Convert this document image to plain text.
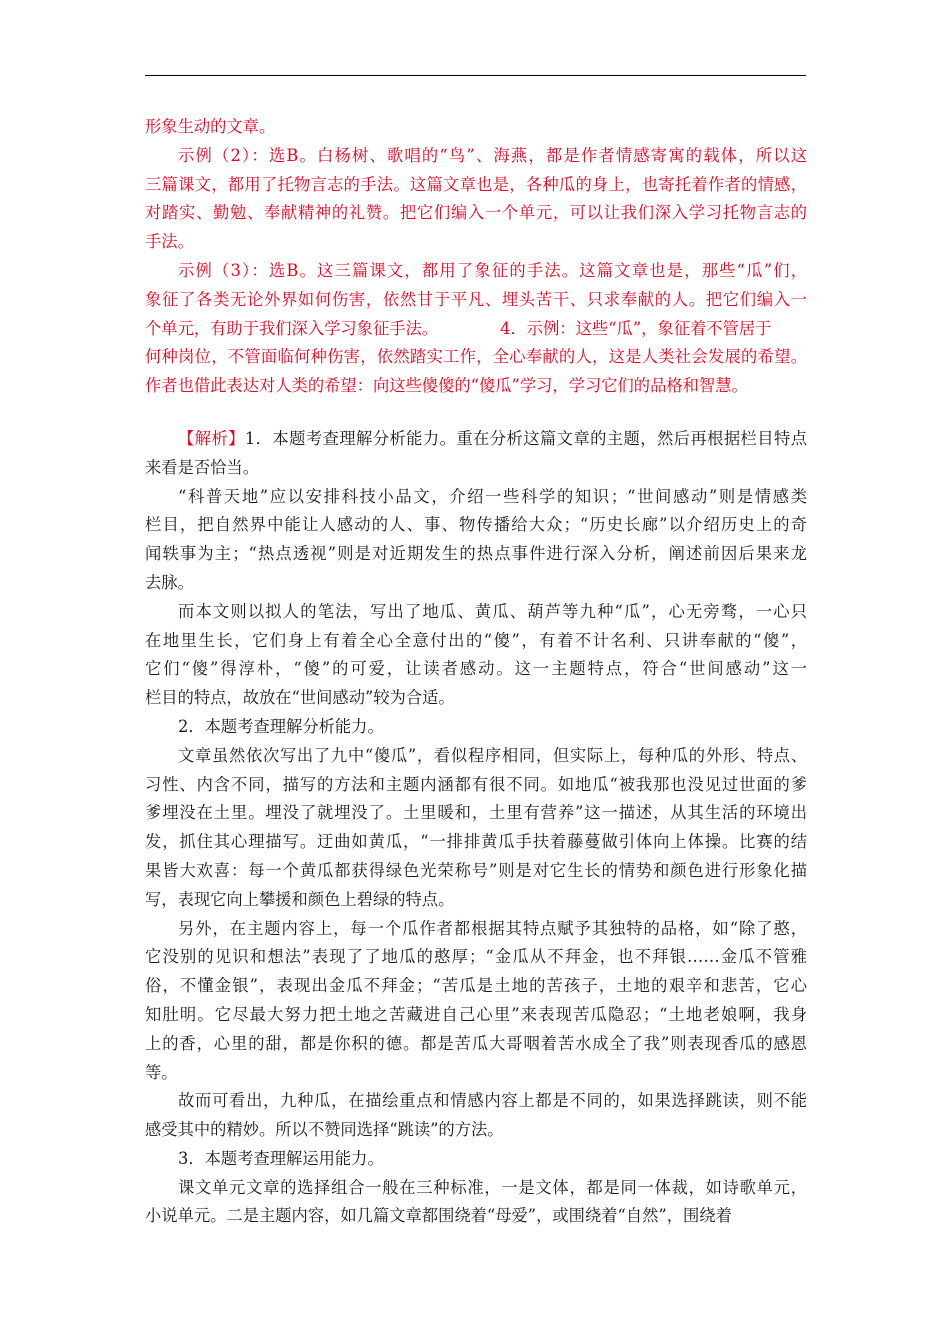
形象生动的文章。
示例（2）：选B。白杨树、歌唱的“鸟”、海燕，都是作者情感寄寓的载体，所以这
三篇课文，都用了托物言志的手法。这篇文章也是，各种瓜的身上，也寄托着作者的情感，
对踏实、勤勉、奉献精神的礼赞。把它们编入一个单元，可以让我们深入学习托物言志的
手法。
示例（3）：选B。这三篇课文，都用了象征的手法。这篇文章也是，那些“瓜”们，
象征了各类无论外界如何伤害，依然甘于平凡、埋头苦干、只求奉献的人。把它们编入一
个单元，有助于我们深入学习象征手法。            4．示例：这些“瓜”，象征着不管居于
何种岗位，不管面临何种伤害，依然踏实工作，全心奉献的人，这是人类社会发展的希望。
作者也借此表达对人类的希望：向这些傻傻的“傻瓜”学习，学习它们的品格和智慧。
【解析】1．本题考查理解分析能力。重在分析这篇文章的主题，然后再根据栏目特点
来看是否恰当。
“科普天地”应以安排科技小品文，介绍一些科学的知识；“世间感动”则是情感类
栏目，把自然界中能让人感动的人、事、物传播给大众；“历史长廊”以介绍历史上的奇
闻轶事为主；“热点透视”则是对近期发生的热点事件进行深入分析，阐述前因后果来龙
去脉。
而本文则以拟人的笔法，写出了地瓜、黄瓜、葫芦等九种“瓜”，心无旁骛，一心只
在地里生长，它们身上有着全心全意付出的“傻”，有着不计名利、只讲奉献的“傻”，
它们“傻”得淳朴，“傻”的可爱，让读者感动。这一主题特点，符合“世间感动”这一
栏目的特点，故放在“世间感动”较为合适。
2．本题考查理解分析能力。
文章虽然依次写出了九中“傻瓜”，看似程序相同，但实际上，每种瓜的外形、特点、
习性、内含不同，描写的方法和主题内涵都有很不同。如地瓜“被我那也没见过世面的爹
爹埋没在土里。埋没了就埋没了。土里暖和，土里有营养”这一描述，从其生活的环境出
发，抓住其心理描写。迂曲如黄瓜，“一排排黄瓜手扶着藤蔓做引体向上体操。比赛的结
果皆大欢喜：每一个黄瓜都获得绿色光荣称号”则是对它生长的情势和颜色进行形象化描
写，表现它向上攀援和颜色上碧绿的特点。
另外，在主题内容上，每一个瓜作者都根据其特点赋予其独特的品格，如“除了憨，
它没别的见识和想法”表现了了地瓜的憨厚；“金瓜从不拜金，也不拜银……金瓜不管雅
俗，不懂金银”，表现出金瓜不拜金；“苦瓜是土地的苦孩子，土地的艰辛和悲苦，它心
知肚明。它尽最大努力把土地之苦藏进自己心里”来表现苦瓜隐忍；“土地老娘啊，我身
上的香，心里的甜，都是你积的德。都是苦瓜大哥咽着苦水成全了我”则表现香瓜的感恩
等。
故而可看出，九种瓜，在描绘重点和情感内容上都是不同的，如果选择跳读，则不能
感受其中的精妙。所以不赞同选择“跳读”的方法。
3．本题考查理解运用能力。
课文单元文章的选择组合一般在三种标准，一是文体，都是同一体裁，如诗歌单元，
小说单元。二是主题内容，如几篇文章都围绕着“母爱”，或围绕着“自然”，围绕着
